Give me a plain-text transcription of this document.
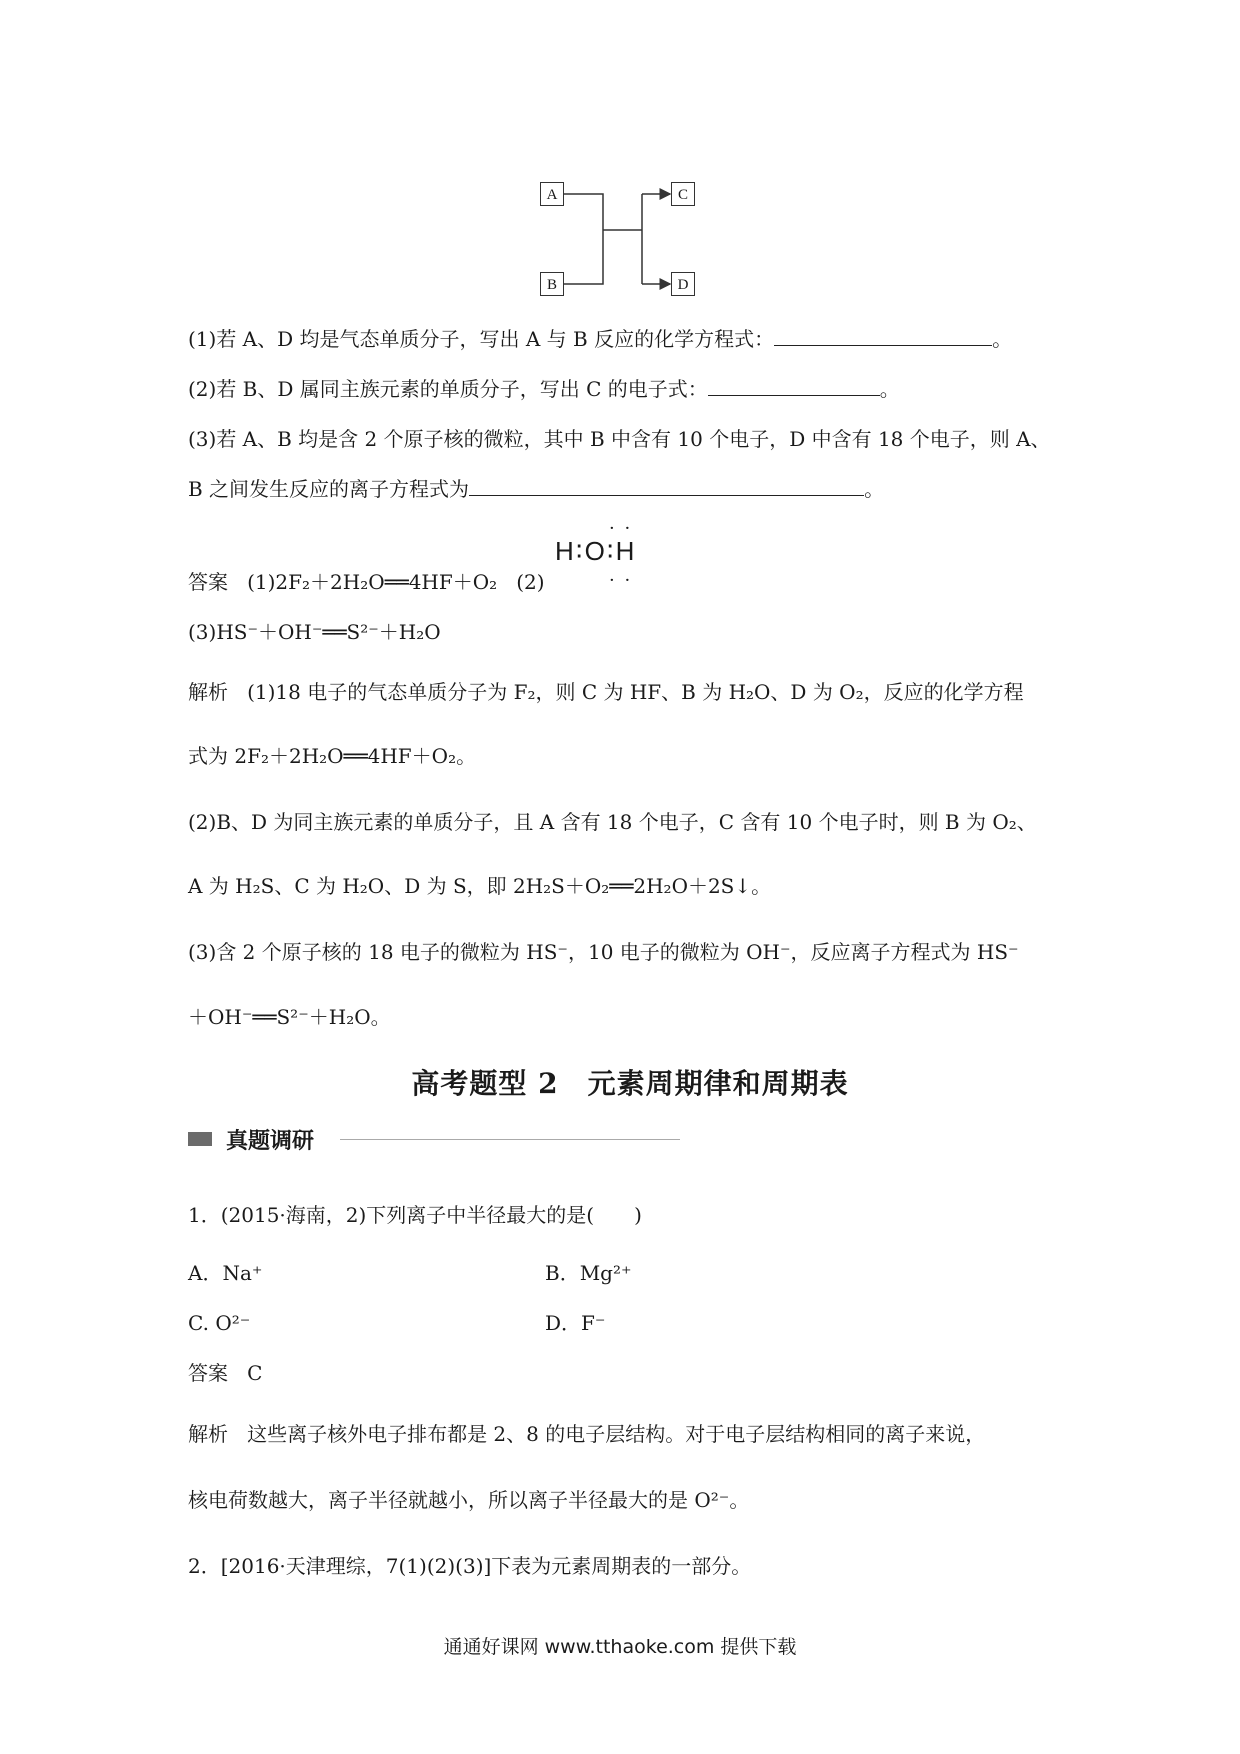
A
B
C
D
(1)若 A、D 均是气态单质分子，写出 A 与 B 反应的化学方程式：	。
(2)若 B、D 属同主族元素的单质分子，写出 C 的电子式：	。
(3)若 A、B 均是含 2 个原子核的微粒，其中 B 中含有 10 个电子，D 中含有 18 个电子，则 A、
B 之间发生反应的离子方程式为	。
答案 (1)2F₂＋2H₂O══4HF＋O₂ (2)
· ·
H∶O∶H
· ·
(3)HS⁻＋OH⁻══S²⁻＋H₂O
解析 (1)18 电子的气态单质分子为 F₂，则 C 为 HF、B 为 H₂O、D 为 O₂，反应的化学方程
式为 2F₂＋2H₂O══4HF＋O₂。
(2)B、D 为同主族元素的单质分子，且 A 含有 18 个电子，C 含有 10 个电子时，则 B 为 O₂、
A 为 H₂S、C 为 H₂O、D 为 S，即 2H₂S＋O₂══2H₂O＋2S↓。
(3)含 2 个原子核的 18 电子的微粒为 HS⁻，10 电子的微粒为 OH⁻，反应离子方程式为 HS⁻
＋OH⁻══S²⁻＋H₂O。
高考题型 2　元素周期律和周期表
真题调研
1．(2015·海南，2)下列离子中半径最大的是(　　)
A．Na⁺	B．Mg²⁺
C. O²⁻	D．F⁻
答案 C
解析 这些离子核外电子排布都是 2、8 的电子层结构。对于电子层结构相同的离子来说，
核电荷数越大，离子半径就越小，所以离子半径最大的是 O²⁻。
2．[2016·天津理综，7(1)(2)(3)]下表为元素周期表的一部分。
通通好课网 www.tthaoke.com 提供下载
